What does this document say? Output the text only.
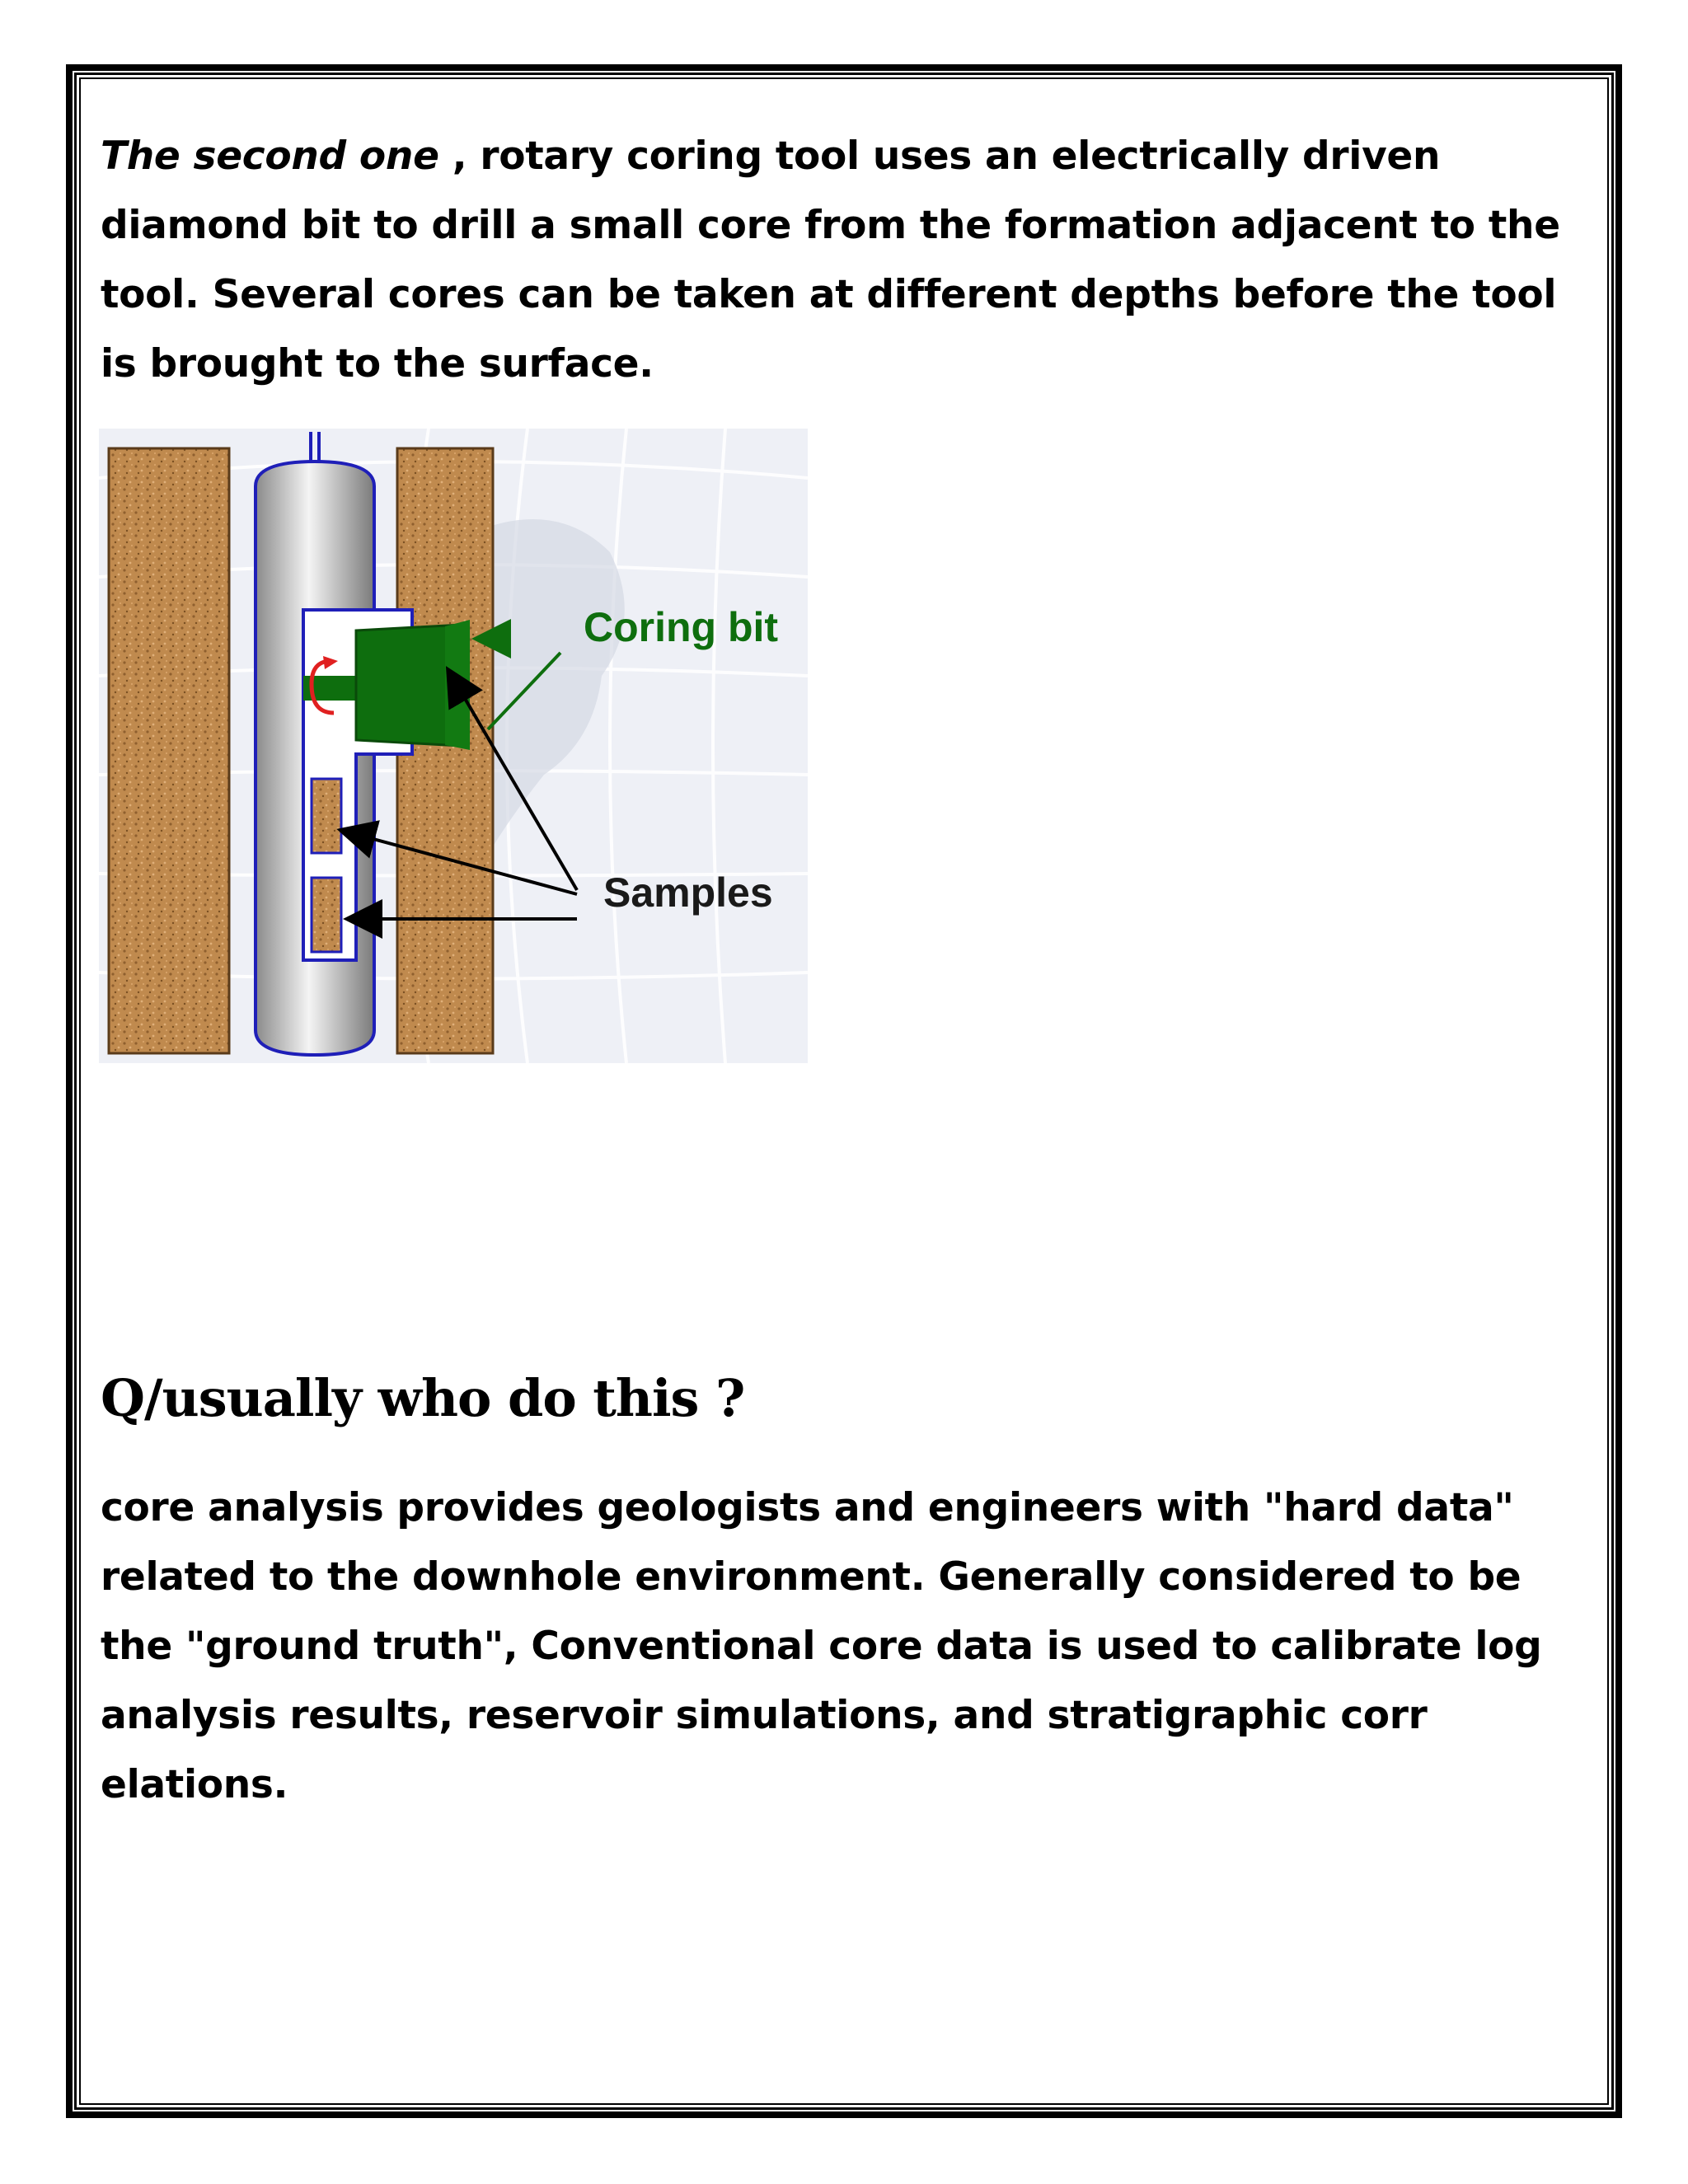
The second one , rotary coring tool uses an electrically driven diamond bit to drill a small core from the formation adjacent to the tool. Several cores can be taken at different depths before the tool is brought to the surface.

Coring bit
Samples
Q/usually who do this ?

core analysis provides geologists and engineers with "hard data" related to the downhole environment. Generally considered to be the "ground truth", Conventional core data is used to calibrate log analysis results, reservoir simulations, and stratigraphic corr elations.
